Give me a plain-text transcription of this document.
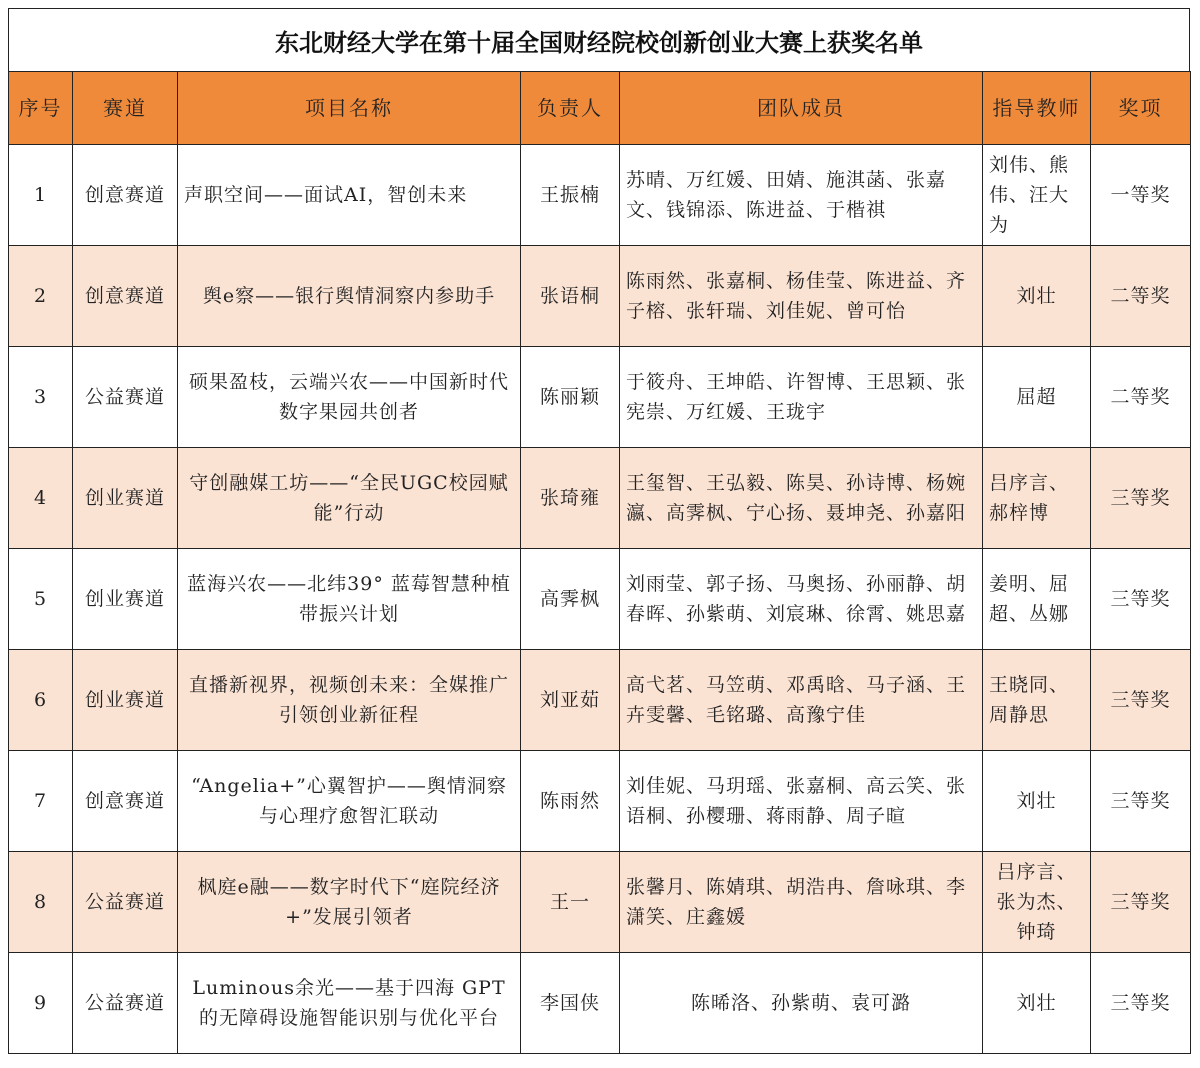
东北财经大学在第十届全国财经院校创新创业大赛上获奖名单
序号	赛道	项目名称	负责人	团队成员	指导教师	奖项
1	创意赛道	声职空间——面试AI，智创未来	王振楠	苏晴、万红媛、田婧、施淇菡、张嘉文、钱锦添、陈进益、于楷祺	刘伟、熊伟、汪大为	一等奖
2	创意赛道	舆e察——银行舆情洞察内参助手	张语桐	陈雨然、张嘉桐、杨佳莹、陈进益、齐子榕、张轩瑞、刘佳妮、曾可怡	刘壮	二等奖
3	公益赛道	硕果盈枝，云端兴农——中国新时代数字果园共创者	陈丽颖	于筱舟、王坤皓、许智博、王思颖、张宪崇、万红媛、王珑宇	屈超	二等奖
4	创业赛道	守创融媒工坊——“全民UGC校园赋能”行动	张琦雍	王玺智、王弘毅、陈昊、孙诗博、杨婉瀛、高霁枫、宁心扬、聂坤尧、孙嘉阳	吕序言、郝梓博	三等奖
5	创业赛道	蓝海兴农——北纬39° 蓝莓智慧种植带振兴计划	高霁枫	刘雨莹、郭子扬、马奥扬、孙丽静、胡春晖、孙紫萌、刘宸琳、徐霄、姚思嘉	姜明、屈超、丛娜	三等奖
6	创业赛道	直播新视界，视频创未来：全媒推广引领创业新征程	刘亚茹	高弋茗、马笠萌、邓禹晗、马子涵、王卉雯馨、毛铭璐、高豫宁佳	王晓同、周静思	三等奖
7	创意赛道	“Angelia+”心翼智护——舆情洞察与心理疗愈智汇联动	陈雨然	刘佳妮、马玥瑶、张嘉桐、高云笑、张语桐、孙樱珊、蒋雨静、周子暄	刘壮	三等奖
8	公益赛道	枫庭e融——数字时代下“庭院经济+”发展引领者	王一	张馨月、陈婧琪、胡浩冉、詹咏琪、李潇笑、庄鑫媛	吕序言、张为杰、钟琦	三等奖
9	公益赛道	Luminous余光——基于四海 GPT的无障碍设施智能识别与优化平台	李国侠	陈晞洛、孙紫萌、袁可潞	刘壮	三等奖
